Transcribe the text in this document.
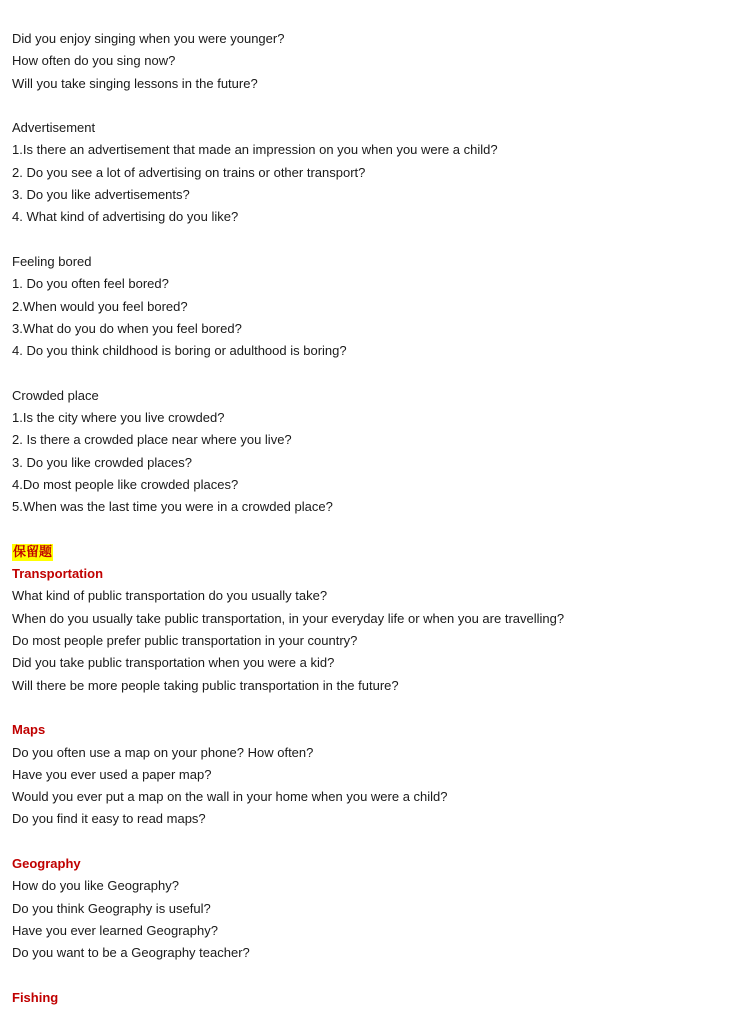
Did you enjoy singing when you were younger?
How often do you sing now?
Will you take singing lessons in the future?
Advertisement
1.Is there an advertisement that made an impression on you when you were a child?
2. Do you see a lot of advertising on trains or other transport?
3. Do you like advertisements?
4. What kind of advertising do you like?
Feeling bored
1. Do you often feel bored?
2.When would you feel bored?
3.What do you do when you feel bored?
4. Do you think childhood is boring or adulthood is boring?
Crowded place
1.Is the city where you live crowded?
2. Is there a crowded place near where you live?
3. Do you like crowded places?
4.Do most people like crowded places?
5.When was the last time you were in a crowded place?
保留题
Transportation
What kind of public transportation do you usually take?
When do you usually take public transportation, in your everyday life or when you are travelling?
Do most people prefer public transportation in your country?
Did you take public transportation when you were a kid?
Will there be more people taking public transportation in the future?
Maps
Do you often use a map on your phone? How often?
Have you ever used a paper map?
Would you ever put a map on the wall in your home when you were a child?
Do you find it easy to read maps?
Geography
How do you like Geography?
Do you think Geography is useful?
Have you ever learned Geography?
Do you want to be a Geography teacher?
Fishing
